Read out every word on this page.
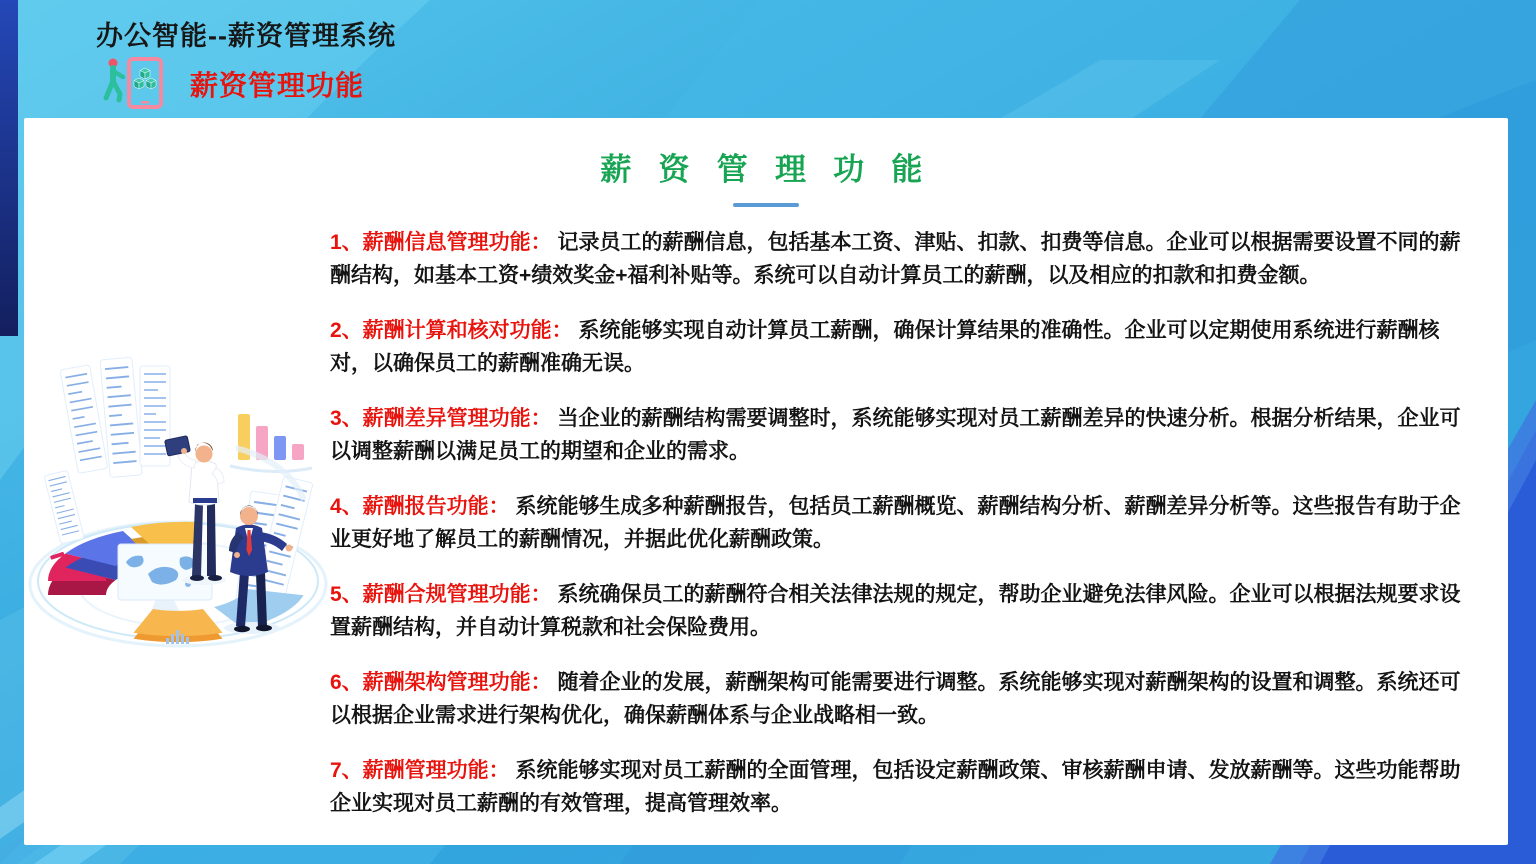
办公智能--薪资管理系统
薪资管理功能
薪 资 管 理 功 能

1、薪酬信息管理功能： 记录员工的薪酬信息，包括基本工资、津贴、扣款、扣费等信息。企业可以根据需要设置不同的薪酬结构，如基本工资+绩效奖金+福利补贴等。系统可以自动计算员工的薪酬，以及相应的扣款和扣费金额。

2、薪酬计算和核对功能： 系统能够实现自动计算员工薪酬，确保计算结果的准确性。企业可以定期使用系统进行薪酬核对，以确保员工的薪酬准确无误。

3、薪酬差异管理功能： 当企业的薪酬结构需要调整时，系统能够实现对员工薪酬差异的快速分析。根据分析结果，企业可以调整薪酬以满足员工的期望和企业的需求。

4、薪酬报告功能： 系统能够生成多种薪酬报告，包括员工薪酬概览、薪酬结构分析、薪酬差异分析等。这些报告有助于企业更好地了解员工的薪酬情况，并据此优化薪酬政策。

5、薪酬合规管理功能： 系统确保员工的薪酬符合相关法律法规的规定，帮助企业避免法律风险。企业可以根据法规要求设置薪酬结构，并自动计算税款和社会保险费用。

6、薪酬架构管理功能： 随着企业的发展，薪酬架构可能需要进行调整。系统能够实现对薪酬架构的设置和调整。系统还可以根据企业需求进行架构优化，确保薪酬体系与企业战略相一致。

7、薪酬管理功能： 系统能够实现对员工薪酬的全面管理，包括设定薪酬政策、审核薪酬申请、发放薪酬等。这些功能帮助企业实现对员工薪酬的有效管理，提高管理效率。
